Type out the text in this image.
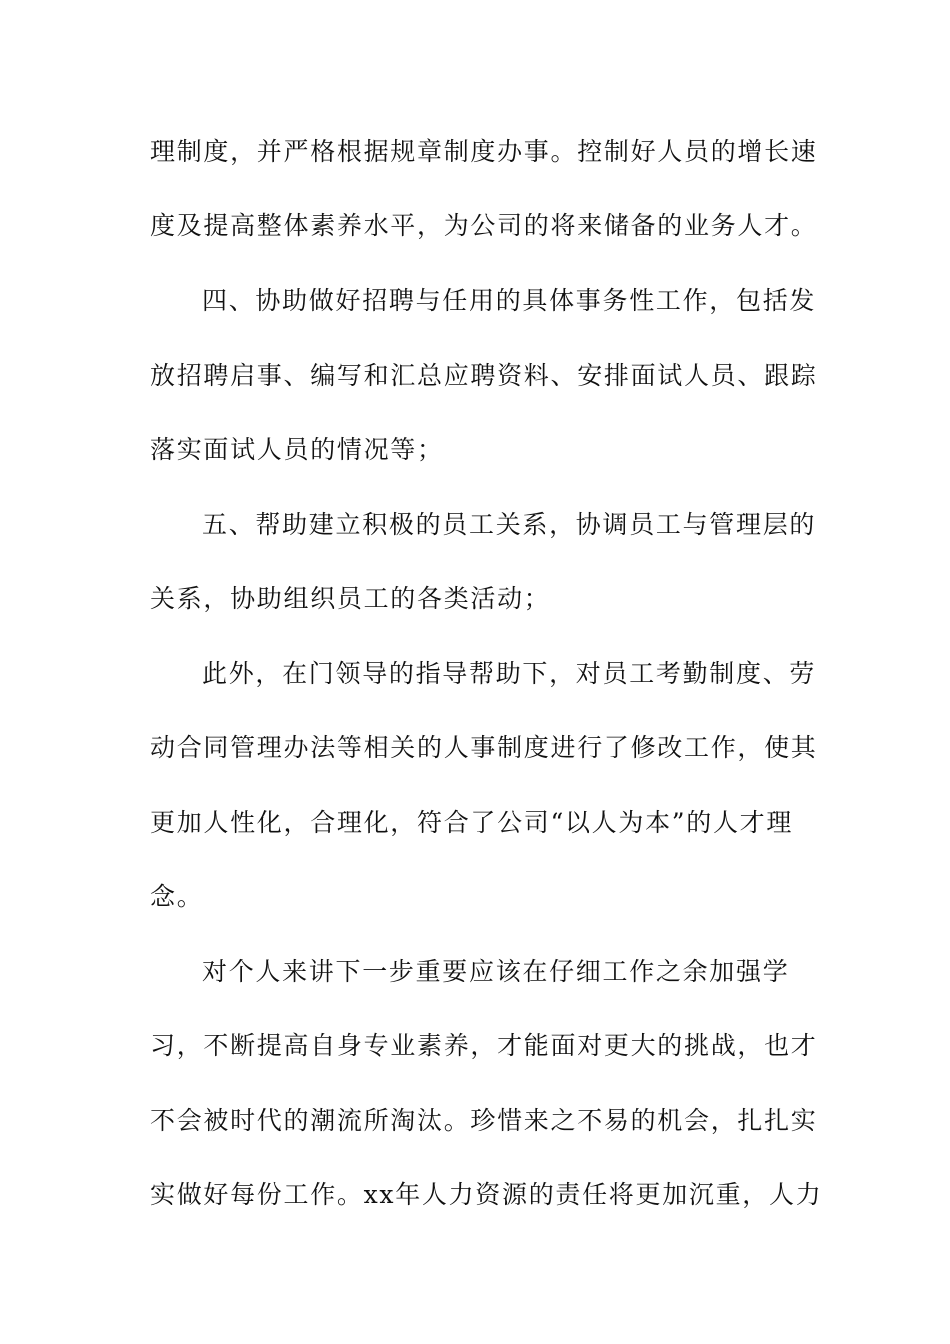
理制度，并严格根据规章制度办事。控制好人员的增长速
度及提高整体素养水平，为公司的将来储备的业务人才。
四、协助做好招聘与任用的具体事务性工作，包括发
放招聘启事、编写和汇总应聘资料、安排面试人员、跟踪
落实面试人员的情况等；
五、帮助建立积极的员工关系，协调员工与管理层的
关系，协助组织员工的各类活动；
此外，在门领导的指导帮助下，对员工考勤制度、劳
动合同管理办法等相关的人事制度进行了修改工作，使其
更加人性化，合理化，符合了公司“以人为本”的人才理
念。
对个人来讲下一步重要应该在仔细工作之余加强学
习，不断提高自身专业素养，才能面对更大的挑战，也才
不会被时代的潮流所淘汰。珍惜来之不易的机会，扎扎实
实做好每份工作。xx年人力资源的责任将更加沉重，人力
